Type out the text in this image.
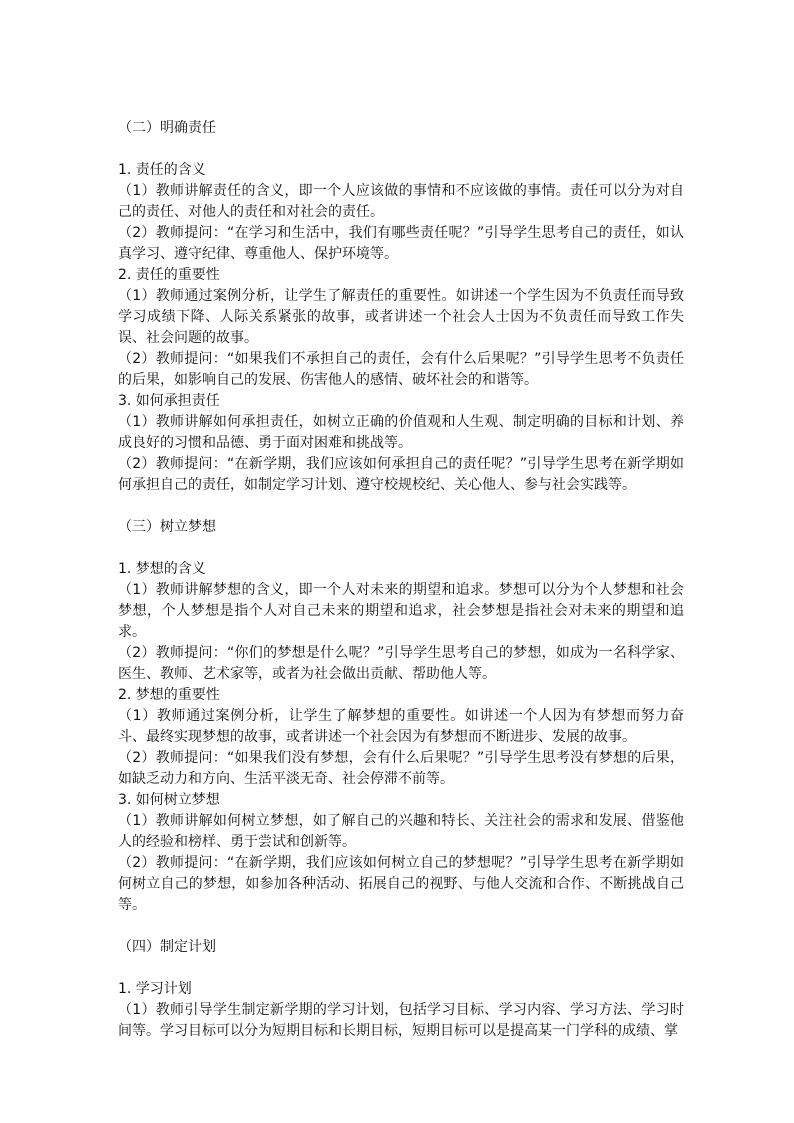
（二）明确责任
1. 责任的含义

（1）教师讲解责任的含义，即一个人应该做的事情和不应该做的事情。责任可以分为对自己的责任、对他人的责任和对社会的责任。

（2）教师提问：“在学习和生活中，我们有哪些责任呢？”引导学生思考自己的责任，如认真学习、遵守纪律、尊重他人、保护环境等。

2. 责任的重要性

（1）教师通过案例分析，让学生了解责任的重要性。如讲述一个学生因为不负责任而导致学习成绩下降、人际关系紧张的故事，或者讲述一个社会人士因为不负责任而导致工作失误、社会问题的故事。

（2）教师提问：“如果我们不承担自己的责任，会有什么后果呢？”引导学生思考不负责任的后果，如影响自己的发展、伤害他人的感情、破坏社会的和谐等。

3. 如何承担责任

（1）教师讲解如何承担责任，如树立正确的价值观和人生观、制定明确的目标和计划、养成良好的习惯和品德、勇于面对困难和挑战等。

（2）教师提问：“在新学期，我们应该如何承担自己的责任呢？”引导学生思考在新学期如何承担自己的责任，如制定学习计划、遵守校规校纪、关心他人、参与社会实践等。

（三）树立梦想
1. 梦想的含义

（1）教师讲解梦想的含义，即一个人对未来的期望和追求。梦想可以分为个人梦想和社会梦想，个人梦想是指个人对自己未来的期望和追求，社会梦想是指社会对未来的期望和追求。

（2）教师提问：“你们的梦想是什么呢？”引导学生思考自己的梦想，如成为一名科学家、医生、教师、艺术家等，或者为社会做出贡献、帮助他人等。

2. 梦想的重要性

（1）教师通过案例分析，让学生了解梦想的重要性。如讲述一个人因为有梦想而努力奋斗、最终实现梦想的故事，或者讲述一个社会因为有梦想而不断进步、发展的故事。

（2）教师提问：“如果我们没有梦想，会有什么后果呢？”引导学生思考没有梦想的后果，如缺乏动力和方向、生活平淡无奇、社会停滞不前等。

3. 如何树立梦想

（1）教师讲解如何树立梦想，如了解自己的兴趣和特长、关注社会的需求和发展、借鉴他人的经验和榜样、勇于尝试和创新等。

（2）教师提问：“在新学期，我们应该如何树立自己的梦想呢？”引导学生思考在新学期如何树立自己的梦想，如参加各种活动、拓展自己的视野、与他人交流和合作、不断挑战自己等。

（四）制定计划
1. 学习计划

（1）教师引导学生制定新学期的学习计划，包括学习目标、学习内容、学习方法、学习时间等。学习目标可以分为短期目标和长期目标，短期目标可以是提高某一门学科的成绩、掌
